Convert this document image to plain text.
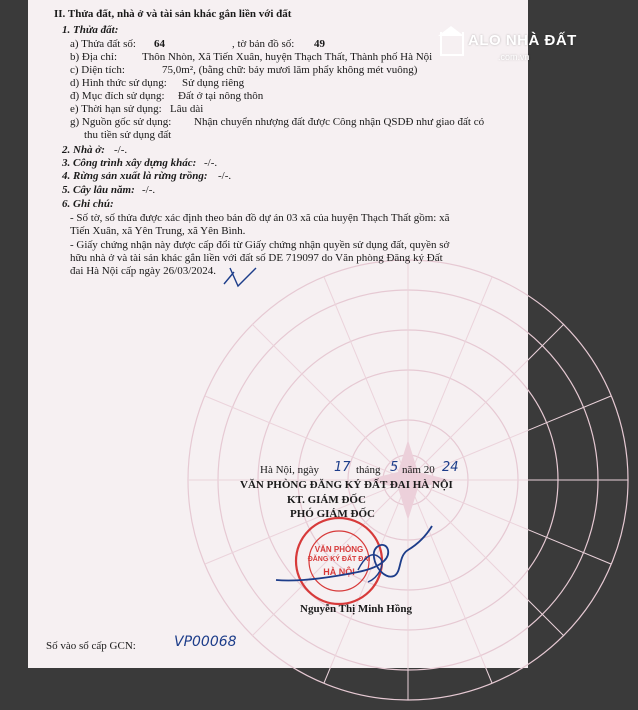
ALO NHÀ ĐẤT
.com.vn
II. Thửa đất, nhà ở và tài sản khác gắn liền với đất
1. Thửa đất:
a) Thửa đất số: 64	, tờ bản đồ số: 49
b) Địa chỉ: Thôn Nhòn, Xã Tiến Xuân, huyện Thạch Thất, Thành phố Hà Nội
c) Diện tích:	75,0m², (bằng chữ: bảy mươi lăm phẩy không mét vuông)
d) Hình thức sử dụng: Sử dụng riêng
đ) Mục đích sử dụng: Đất ở tại nông thôn
e) Thời hạn sử dụng: Lâu dài
g) Nguồn gốc sử dụng: Nhận chuyển nhượng đất được Công nhận QSDĐ như giao đất có
thu tiền sử dụng đất
2. Nhà ở: -/-.
3. Công trình xây dựng khác: -/-.
4. Rừng sản xuất là rừng trồng: -/-.
5. Cây lâu năm: -/-.
6. Ghi chú:
- Số tờ, số thửa được xác định theo bản đồ dự án 03 xã của huyện Thạch Thất gồm: xã
Tiến Xuân, xã Yên Trung, xã Yên Bình.
- Giấy chứng nhận này được cấp đổi từ Giấy chứng nhận quyền sử dụng đất, quyền sở
hữu nhà ở và tài sản khác gắn liền với đất số DE 719097 do Văn phòng Đăng ký Đất
đai Hà Nội cấp ngày 26/03/2024.
Hà Nội, ngày 17 tháng 5 năm 20 24
VĂN PHÒNG ĐĂNG KÝ ĐẤT ĐAI HÀ NỘI
KT. GIÁM ĐỐC
PHÓ GIÁM ĐỐC
Nguyễn Thị Minh Hồng
Số vào sổ cấp GCN:	VP00068
VĂN PHÒNG
ĐĂNG KÝ ĐẤT ĐAI
HÀ NỘI
